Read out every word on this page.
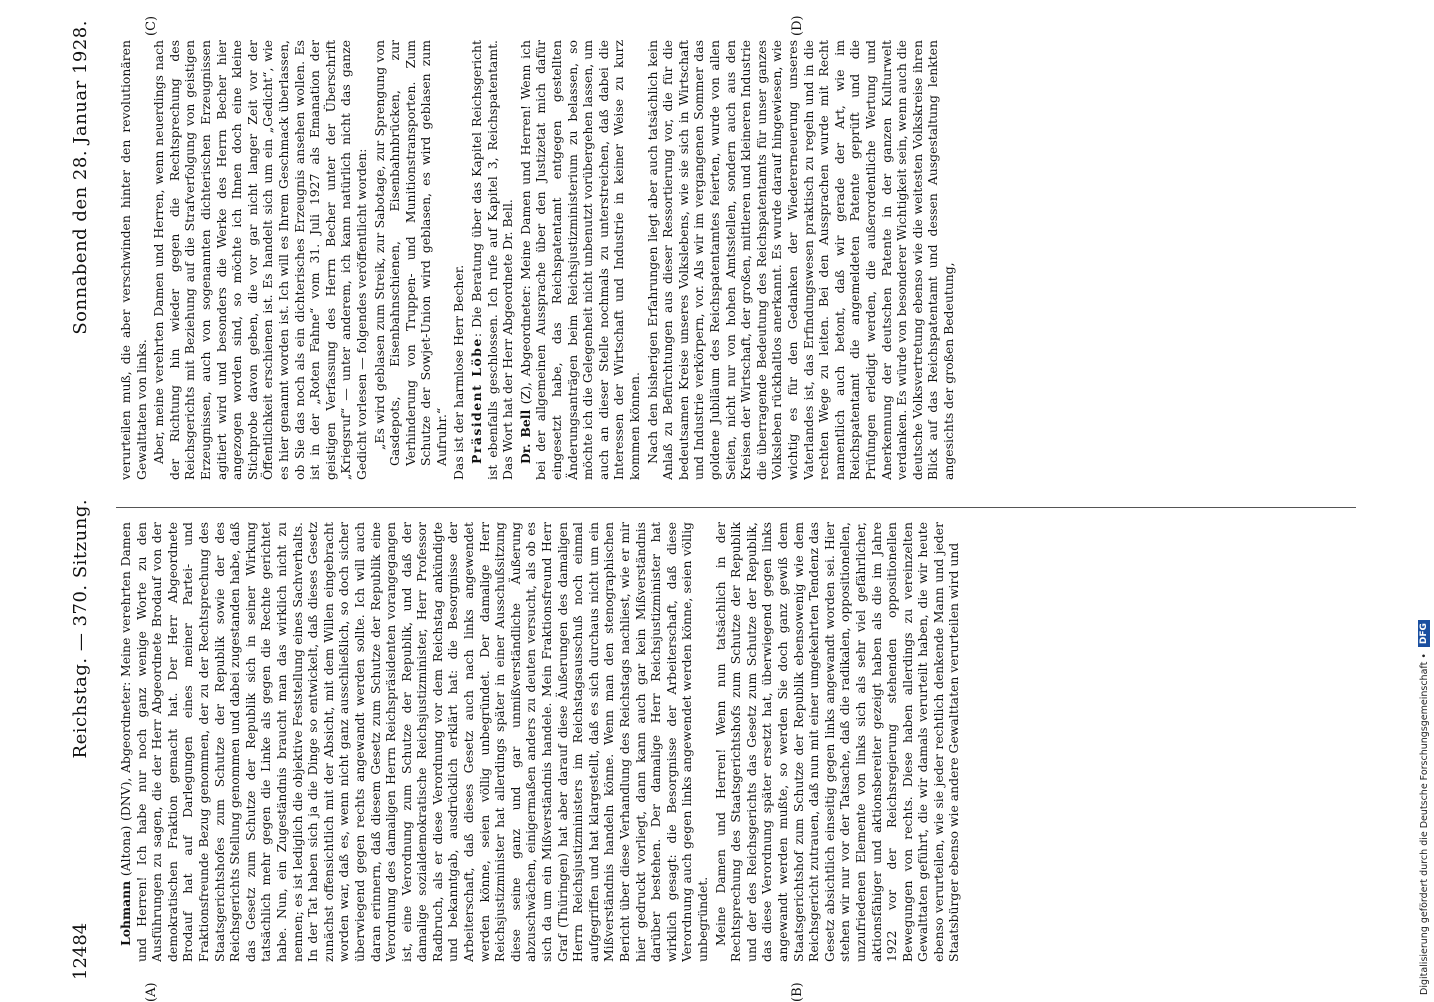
12484
Reichstag. — 370. Sitzung.
Sonnabend den 28. Januar 1928.
(A)	(B)
(C)	(D)

Lohmann (Altona) (DNV), Abgeordneter: Meine verehrten Damen und Herren! Ich habe nur noch ganz wenige Worte zu den Ausführungen zu sagen, die der Herr Abgeordnete Brodauf von der demokratischen Fraktion gemacht hat. Der Herr Abgeordnete Brodauf hat auf Darlegungen eines meiner Partei- und Fraktionsfreunde Bezug genommen, der zu der Rechtsprechung des Staatsgerichtshofes zum Schutze der Republik sowie der des Reichsgerichts Stellung genommen und dabei zugestanden habe, daß das Gesetz zum Schutze der Republik sich in seiner Wirkung tatsächlich mehr gegen die Linke als gegen die Rechte gerichtet habe. Nun, ein Zugeständnis braucht man das wirklich nicht zu nennen; es ist lediglich die objektive Feststellung eines Sachverhalts. In der Tat haben sich ja die Dinge so entwickelt, daß dieses Gesetz zunächst offensichtlich mit der Absicht, mit dem Willen eingebracht worden war, daß es, wenn nicht ganz ausschließlich, so doch sicher überwiegend gegen rechts angewandt werden sollte. Ich will auch daran erinnern, daß diesem Gesetz zum Schutze der Republik eine Verordnung des damaligen Herrn Reichspräsidenten vorangegangen ist, eine Verordnung zum Schutze der Republik, und daß der damalige sozialdemokratische Reichsjustizminister, Herr Professor Radbruch, als er diese Verordnung vor dem Reichstag ankündigte und bekanntgab, ausdrücklich erklärt hat: die Besorgnisse der Arbeiterschaft, daß dieses Gesetz auch nach links angewendet werden könne, seien völlig unbegründet. Der damalige Herr Reichsjustizminister hat allerdings später in einer Ausschußsitzung diese seine ganz und gar unmißverständliche Äußerung abzuschwächen, einigermaßen anders zu deuten versucht, als ob es sich da um ein Mißverständnis handele. Mein Fraktionsfreund Herr Graf (Thüringen) hat aber darauf diese Äußerungen des damaligen Herrn Reichsjustizministers im Reichstagsausschuß noch einmal aufgegriffen und hat klargestellt, daß es sich durchaus nicht um ein Mißverständnis handeln könne. Wenn man den stenographischen Bericht über diese Verhandlung des Reichstags nachliest, wie er mir hier gedruckt vorliegt, dann kann auch gar kein Mißverständnis darüber bestehen. Der damalige Herr Reichsjustizminister hat wirklich gesagt: die Besorgnisse der Arbeiterschaft, daß diese Verordnung auch gegen links angewendet werden könne, seien völlig unbegründet. Meine Damen und Herren! Wenn nun tatsächlich in der Rechtsprechung des Staatsgerichtshofs zum Schutze der Republik und der des Reichsgerichts das Gesetz zum Schutze der Republik, das diese Verordnung später ersetzt hat, überwiegend gegen links angewandt werden mußte, so werden Sie doch ganz gewiß dem Staatsgerichtshof zum Schutze der Republik ebensowenig wie dem Reichsgericht zutrauen, daß nun mit einer umgekehrten Tendenz das Gesetz absichtlich einseitig gegen links angewandt worden sei. Hier stehen wir nur vor der Tatsache, daß die radikalen, oppositionellen, unzufriedenen Elemente von links sich als sehr viel gefährlicher, aktionsfähiger und aktionsbereiter gezeigt haben als die im Jahre 1922 vor der Reichsregierung stehenden oppositionellen Bewegungen von rechts. Diese haben allerdings zu vereinzelten Gewalttaten geführt, die wir damals verurteilt haben, die wir heute ebenso verurteilen, wie sie jeder rechtlich denkende Mann und jeder Staatsbürger ebenso wie andere Gewalttaten verurteilen wird und

verurteilen muß, die aber verschwinden hinter den revolutionären Gewalttaten von links. Aber, meine verehrten Damen und Herren, wenn neuerdings nach der Richtung hin wieder gegen die Rechtsprechung des Reichsgerichts mit Beziehung auf die Strafverfolgung von geistigen Erzeugnissen, auch von sogenannten dichterischen Erzeugnissen agitiert wird und besonders die Werke des Herrn Becher hier angezogen worden sind, so möchte ich Ihnen doch eine kleine Stichprobe davon geben, die vor gar nicht langer Zeit vor der Öffentlichkeit erschienen ist. Es handelt sich um ein „Gedicht“, wie es hier genannt worden ist. Ich will es Ihrem Geschmack überlassen, ob Sie das noch als ein dichterisches Erzeugnis ansehen wollen. Es ist in der „Roten Fahne“ vom 31. Juli 1927 als Emanation der geistigen Verfassung des Herrn Becher unter der Überschrift „Kriegsruf“ — unter anderem, ich kann natürlich nicht das ganze Gedicht vorlesen — folgendes veröffentlicht worden: „Es wird geblasen zum Streik, zur Sabotage, zur Sprengung von Gasdepots, Eisenbahnschienen, Eisenbahnbrücken, zur Verhinderung von Truppen- und Munitionstransporten. Zum Schutze der Sowjet-Union wird geblasen, es wird geblasen zum Aufruhr.“ Das ist der harmlose Herr Becher. Präsident Löbe: Die Beratung über das Kapitel Reichsgericht ist ebenfalls geschlossen. Ich rufe auf Kapitel 3, Reichspatentamt. Das Wort hat der Herr Abgeordnete Dr. Bell. Dr. Bell (Z), Abgeordneter: Meine Damen und Herren! Wenn ich bei der allgemeinen Aussprache über den Justizetat mich dafür eingesetzt habe, das Reichspatentamt entgegen gestellten Änderungsanträgen beim Reichsjustizministerium zu belassen, so möchte ich die Gelegenheit nicht unbenutzt vorübergehen lassen, um auch an dieser Stelle nochmals zu unterstreichen, daß dabei die Interessen der Wirtschaft und Industrie in keiner Weise zu kurz kommen können. Nach den bisherigen Erfahrungen liegt aber auch tatsächlich kein Anlaß zu Befürchtungen aus dieser Ressortierung vor, die für die bedeutsamen Kreise unseres Volkslebens, wie sie sich in Wirtschaft und Industrie verkörpern, vor. Als wir im vergangenen Sommer das goldene Jubiläum des Reichspatentamtes feierten, wurde von allen Seiten, nicht nur von hohen Amtsstellen, sondern auch aus den Kreisen der Wirtschaft, der großen, mittleren und kleineren Industrie die überragende Bedeutung des Reichspatentamts für unser ganzes Volksleben rückhaltlos anerkannt. Es wurde darauf hingewiesen, wie wichtig es für den Gedanken der Wiedererneuerung unseres Vaterlandes ist, das Erfindungswesen praktisch zu regeln und in die rechten Wege zu leiten. Bei den Aussprachen wurde mit Recht namentlich auch betont, daß wir gerade der Art, wie im Reichspatentamt die angemeldeten Patente geprüft und die Prüfungen erledigt werden, die außerordentliche Wertung und Anerkennung der deutschen Patente in der ganzen Kulturwelt verdanken. Es würde von besonderer Wichtigkeit sein, wenn auch die deutsche Volksvertretung ebenso wie die weitesten Volkskreise ihren Blick auf das Reichspatentamt und dessen Ausgestaltung lenkten angesichts der großen Bedeutung,

Digitalisierung gefördert durch die Deutsche Forschungsgemeinschaft •
DFG
